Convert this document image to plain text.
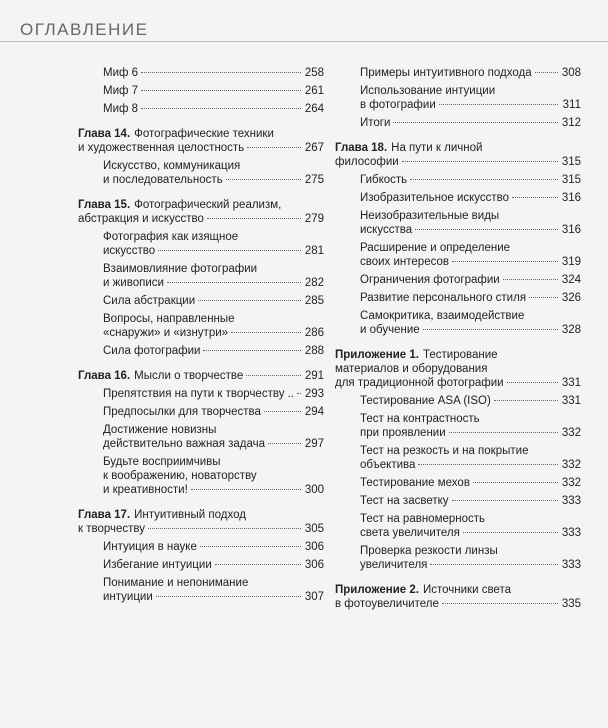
ОГЛАВЛЕНИЕ
Миф 6	258
Миф 7	261
Миф 8	264
Глава 14. Фотографические техники
и художественная целостность	267
Искусство, коммуникация
и последовательность	275
Глава 15. Фотографический реализм,
абстракция и искусство	279
Фотография как изящное
искусство	281
Взаимовлияние фотографии
и живописи	282
Сила абстракции	285
Вопросы, направленные
«снаружи» и «изнутри»	286
Сила фотографии	288
Глава 16. Мысли о творчестве	291
Препятствия на пути к творчеству .. 293
Предпосылки для творчества	294
Достижение новизны
действительно важная задача	297
Будьте восприимчивы
к воображению, новаторству
и креативности!	300
Глава 17. Интуитивный подход
к творчеству	305
Интуиция в науке	306
Избегание интуиции	306
Понимание и непонимание
интуиции	307
Примеры интуитивного подхода	308
Использование интуиции
в фотографии	311
Итоги	312
Глава 18. На пути к личной
философии	315
Гибкость	315
Изобразительное искусство	316
Неизобразительные виды
искусства	316
Расширение и определение
своих интересов	319
Ограничения фотографии	324
Развитие персонального стиля	326
Самокритика, взаимодействие
и обучение	328
Приложение 1. Тестирование
материалов и оборудования
для традиционной фотографии	331
Тестирование ASA (ISO)	331
Тест на контрастность
при проявлении	332
Тест на резкость и на покрытие
объектива	332
Тестирование мехов	332
Тест на засветку	333
Тест на равномерность
света увеличителя	333
Проверка резкости линзы
увеличителя	333
Приложение 2. Источники света
в фотоувеличителе	335
